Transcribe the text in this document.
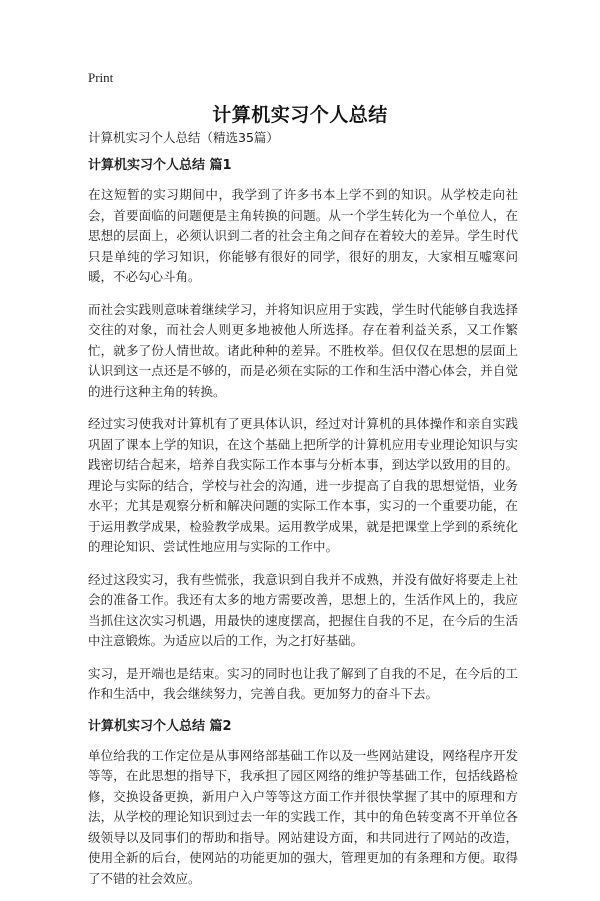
Print
计算机实习个人总结
计算机实习个人总结（精选35篇）
计算机实习个人总结 篇1

在这短暂的实习期间中，我学到了许多书本上学不到的知识。从学校走向社会，首要面临的问题便是主角转换的问题。从一个学生转化为一个单位人，在思想的层面上，必须认识到二者的社会主角之间存在着较大的差异。学生时代只是单纯的学习知识，你能够有很好的同学，很好的朋友，大家相互嘘寒问暖，不必勾心斗角。

而社会实践则意味着继续学习，并将知识应用于实践，学生时代能够自我选择交往的对象，而社会人则更多地被他人所选择。存在着利益关系，又工作繁忙，就多了份人情世故。诸此种种的差异。不胜枚举。但仅仅在思想的层面上认识到这一点还是不够的，而是必须在实际的工作和生活中潜心体会，并自觉的进行这种主角的转换。

经过实习使我对计算机有了更具体认识，经过对计算机的具体操作和亲自实践巩固了课本上学的知识，在这个基础上把所学的计算机应用专业理论知识与实践密切结合起来，培养自我实际工作本事与分析本事，到达学以致用的目的。理论与实际的结合，学校与社会的沟通，进一步提高了自我的思想觉悟，业务水平；尤其是观察分析和解决问题的实际工作本事，实习的一个重要功能，在于运用教学成果，检验教学成果。运用教学成果，就是把课堂上学到的系统化的理论知识、尝试性地应用与实际的工作中。

经过这段实习，我有些慌张，我意识到自我并不成熟，并没有做好将要走上社会的准备工作。我还有太多的地方需要改善，思想上的，生活作风上的，我应当抓住这次实习机遇，用最快的速度摆高，把握住自我的不足，在今后的生活中注意锻炼。为适应以后的工作，为之打好基础。

实习，是开端也是结束。实习的同时也让我了解到了自我的不足，在今后的工作和生活中，我会继续努力，完善自我。更加努力的奋斗下去。

计算机实习个人总结 篇2

单位给我的工作定位是从事网络部基础工作以及一些网站建设，网络程序开发等等，在此思想的指导下，我承担了园区网络的维护等基础工作，包括线路检修，交换设备更换，新用户入户等等这方面工作并很快掌握了其中的原理和方法，从学校的理论知识到过去一年的实践工作，其中的角色转变离不开单位各级领导以及同事们的帮助和指导。网站建设方面，和共同进行了网站的改造，使用全新的后台，使网站的功能更加的强大，管理更加的有条理和方便。取得了不错的社会效应。
